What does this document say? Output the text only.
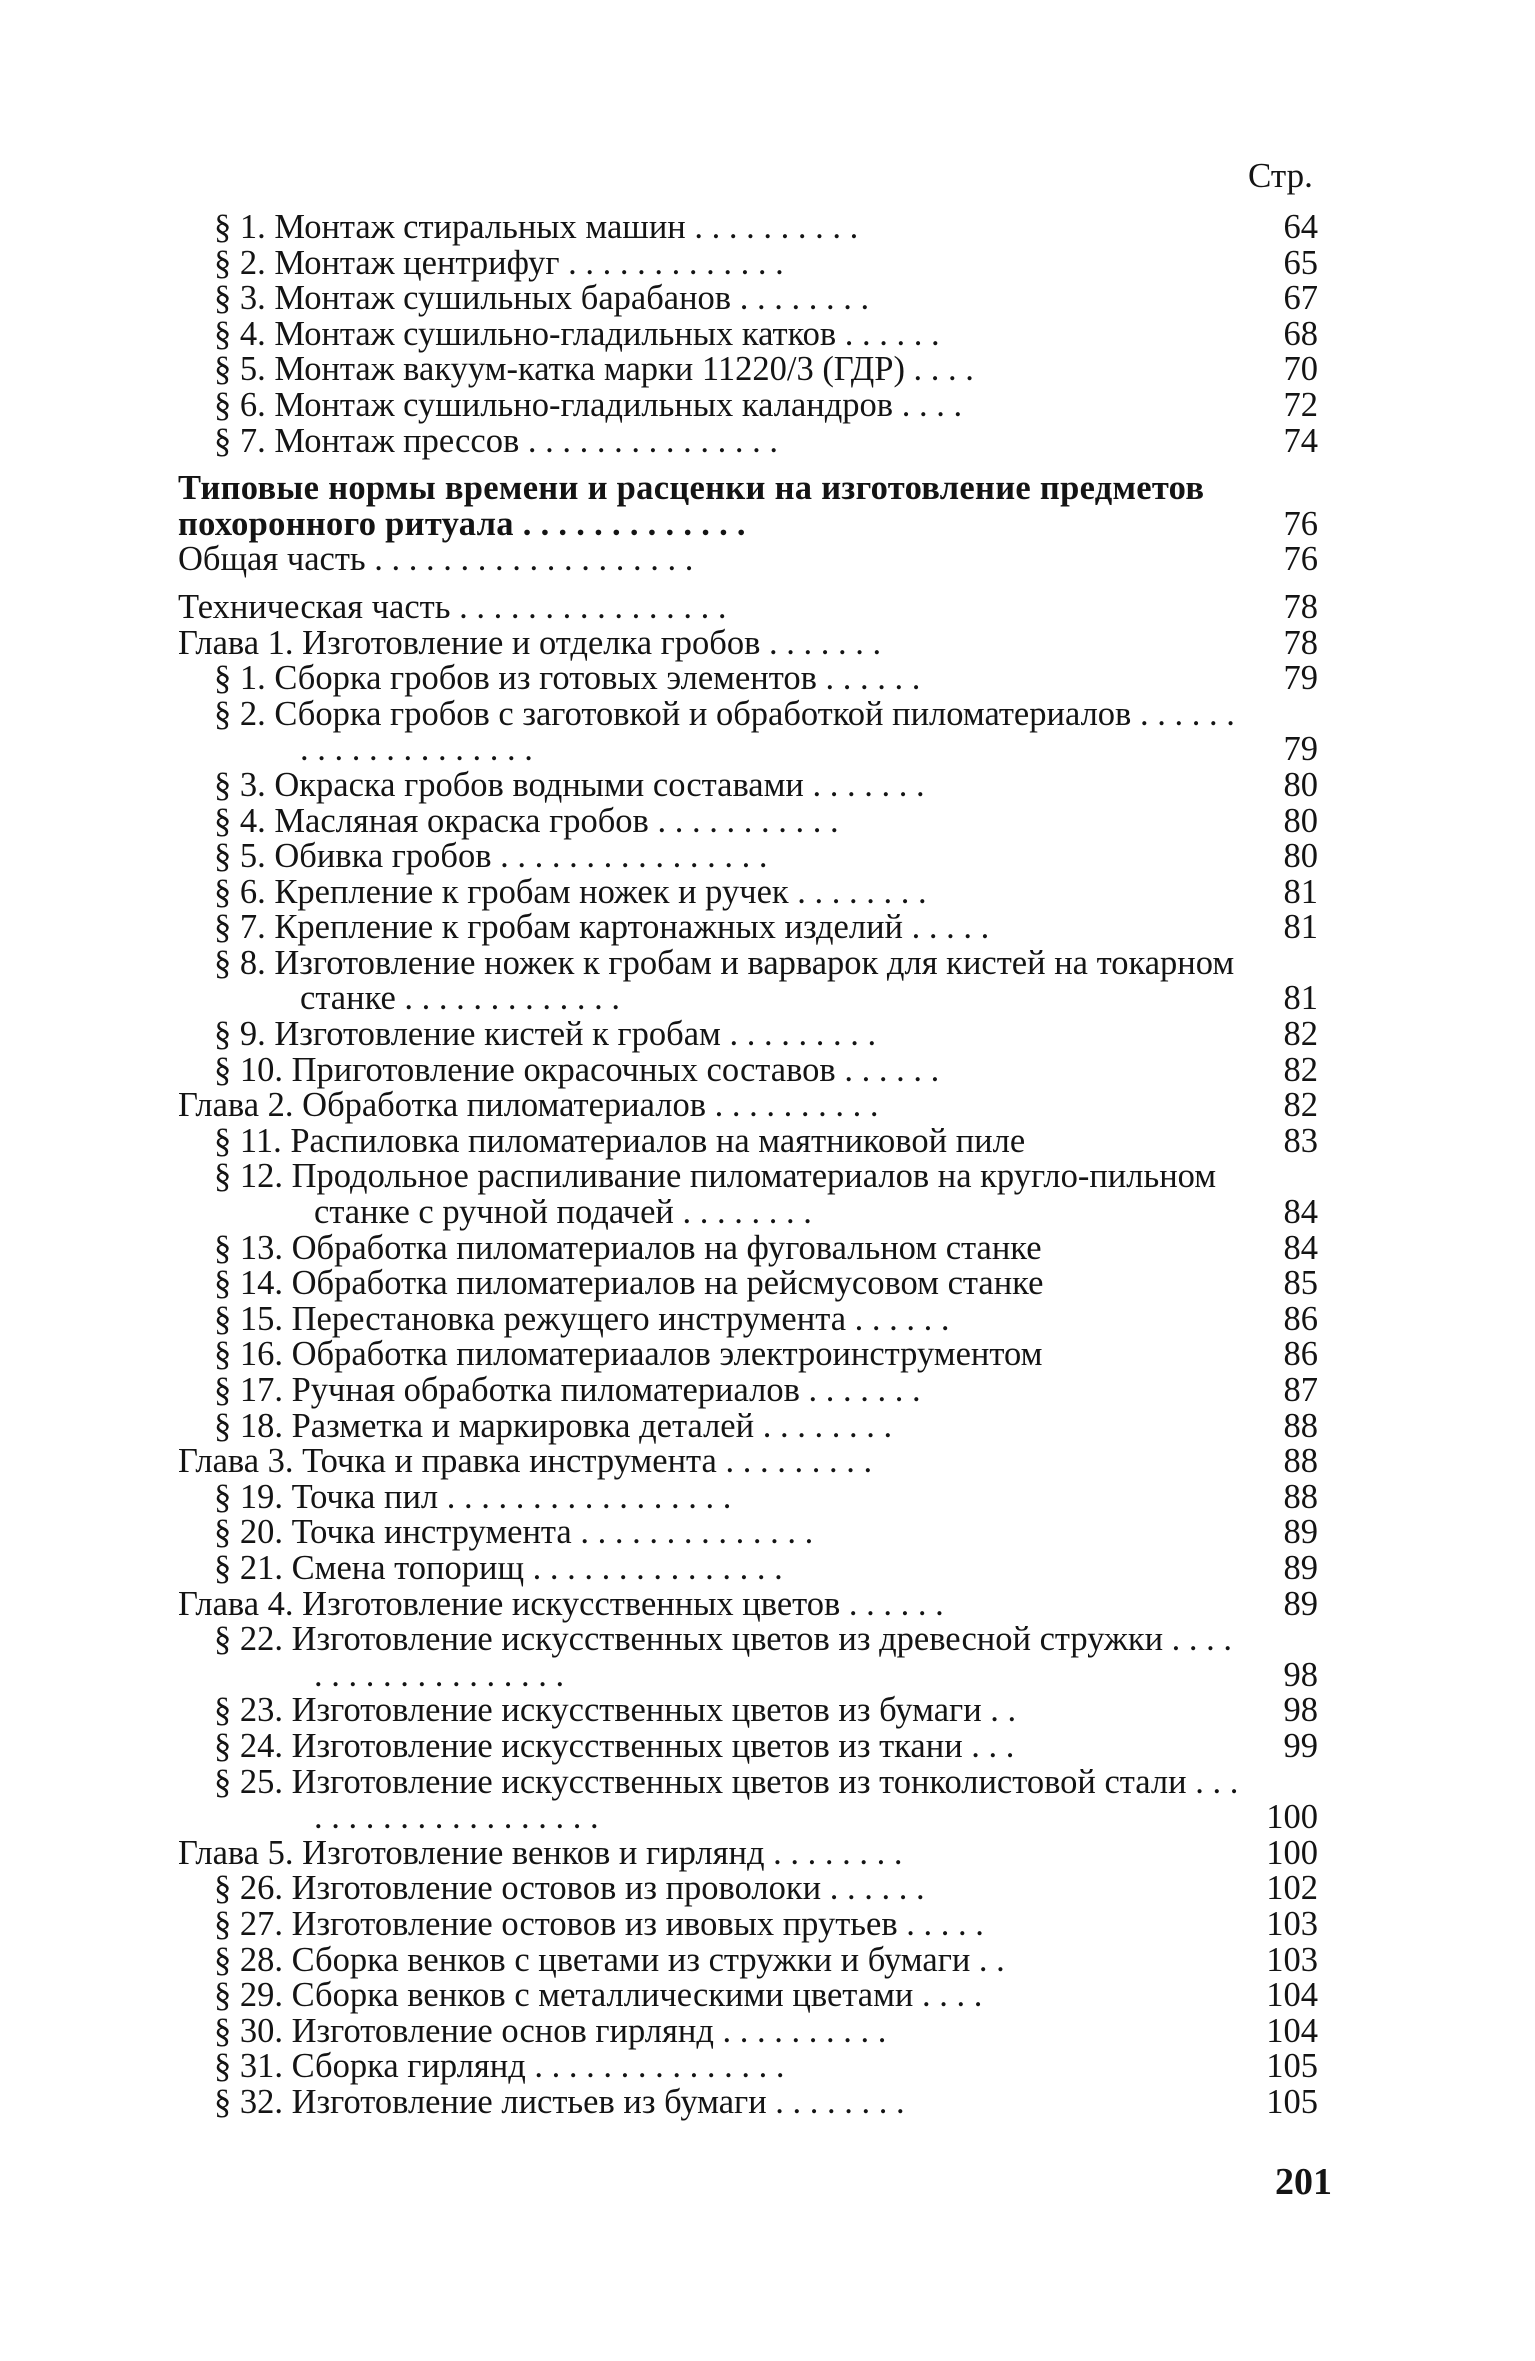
Стр.

§ 1. Монтаж стиральных машин . . . . . . . . . .	64
§ 2. Монтаж центрифуг . . . . . . . . . . . . .	65
§ 3. Монтаж сушильных барабанов . . . . . . . .	67
§ 4. Монтаж сушильно-гладильных катков . . . . . .	68
§ 5. Монтаж вакуум-катка марки 11220/3 (ГДР) . . . .	70
§ 6. Монтаж сушильно-гладильных каландров . . . .	72
§ 7. Монтаж прессов . . . . . . . . . . . . . . .	74
Типовые нормы времени и расценки на изготовление предметов похоронного ритуала . . . . . . . . . . . . .	76
Общая часть . . . . . . . . . . . . . . . . . . .	76
Техническая часть . . . . . . . . . . . . . . . .	78
Глава 1. Изготовление и отделка гробов . . . . . . .	78
§ 1. Сборка гробов из готовых элементов . . . . . .	79
§ 2. Сборка гробов с заготовкой и обработкой пиломатериалов . . . . . . . . . . . . . . . . . . . .	79
§ 3. Окраска гробов водными составами . . . . . . .	80
§ 4. Масляная окраска гробов . . . . . . . . . . .	80
§ 5. Обивка гробов . . . . . . . . . . . . . . . .	80
§ 6. Крепление к гробам ножек и ручек . . . . . . . .	81
§ 7. Крепление к гробам картонажных изделий . . . . .	81
§ 8. Изготовление ножек к гробам и варварок для кистей на токарном станке . . . . . . . . . . . . .	81
§ 9. Изготовление кистей к гробам . . . . . . . . .	82
§ 10. Приготовление окрасочных составов . . . . . .	82
Глава 2. Обработка пиломатериалов . . . . . . . . . .	82
§ 11. Распиловка пиломатериалов на маятниковой пиле	83
§ 12. Продольное распиливание пиломатериалов на кругло-пильном станке с ручной подачей . . . . . . . .	84
§ 13. Обработка пиломатериалов на фуговальном станке	84
§ 14. Обработка пиломатериалов на рейсмусовом станке	85
§ 15. Перестановка режущего инструмента . . . . . .	86
§ 16. Обработка пиломатериаалов электроинструментом	86
§ 17. Ручная обработка пиломатериалов . . . . . . .	87
§ 18. Разметка и маркировка деталей . . . . . . . .	88
Глава 3. Точка и правка инструмента . . . . . . . . .	88
§ 19. Точка пил . . . . . . . . . . . . . . . . .	88
§ 20. Точка инструмента . . . . . . . . . . . . . .	89
§ 21. Смена топорищ . . . . . . . . . . . . . . .	89
Глава 4. Изготовление искусственных цветов . . . . . .	89
§ 22. Изготовление искусственных цветов из древесной стружки . . . . . . . . . . . . . . . . . . .	98
§ 23. Изготовление искусственных цветов из бумаги . .	98
§ 24. Изготовление искусственных цветов из ткани . . .	99
§ 25. Изготовление искусственных цветов из тонколистовой стали . . . . . . . . . . . . . . . . . . . .	100
Глава 5. Изготовление венков и гирлянд . . . . . . . .	100
§ 26. Изготовление остовов из проволоки . . . . . .	102
§ 27. Изготовление остовов из ивовых прутьев . . . . .	103
§ 28. Сборка венков с цветами из стружки и бумаги . .	103
§ 29. Сборка венков с металлическими цветами . . . .	104
§ 30. Изготовление основ гирлянд . . . . . . . . . .	104
§ 31. Сборка гирлянд . . . . . . . . . . . . . . .	105
§ 32. Изготовление листьев из бумаги . . . . . . . .	105

201
